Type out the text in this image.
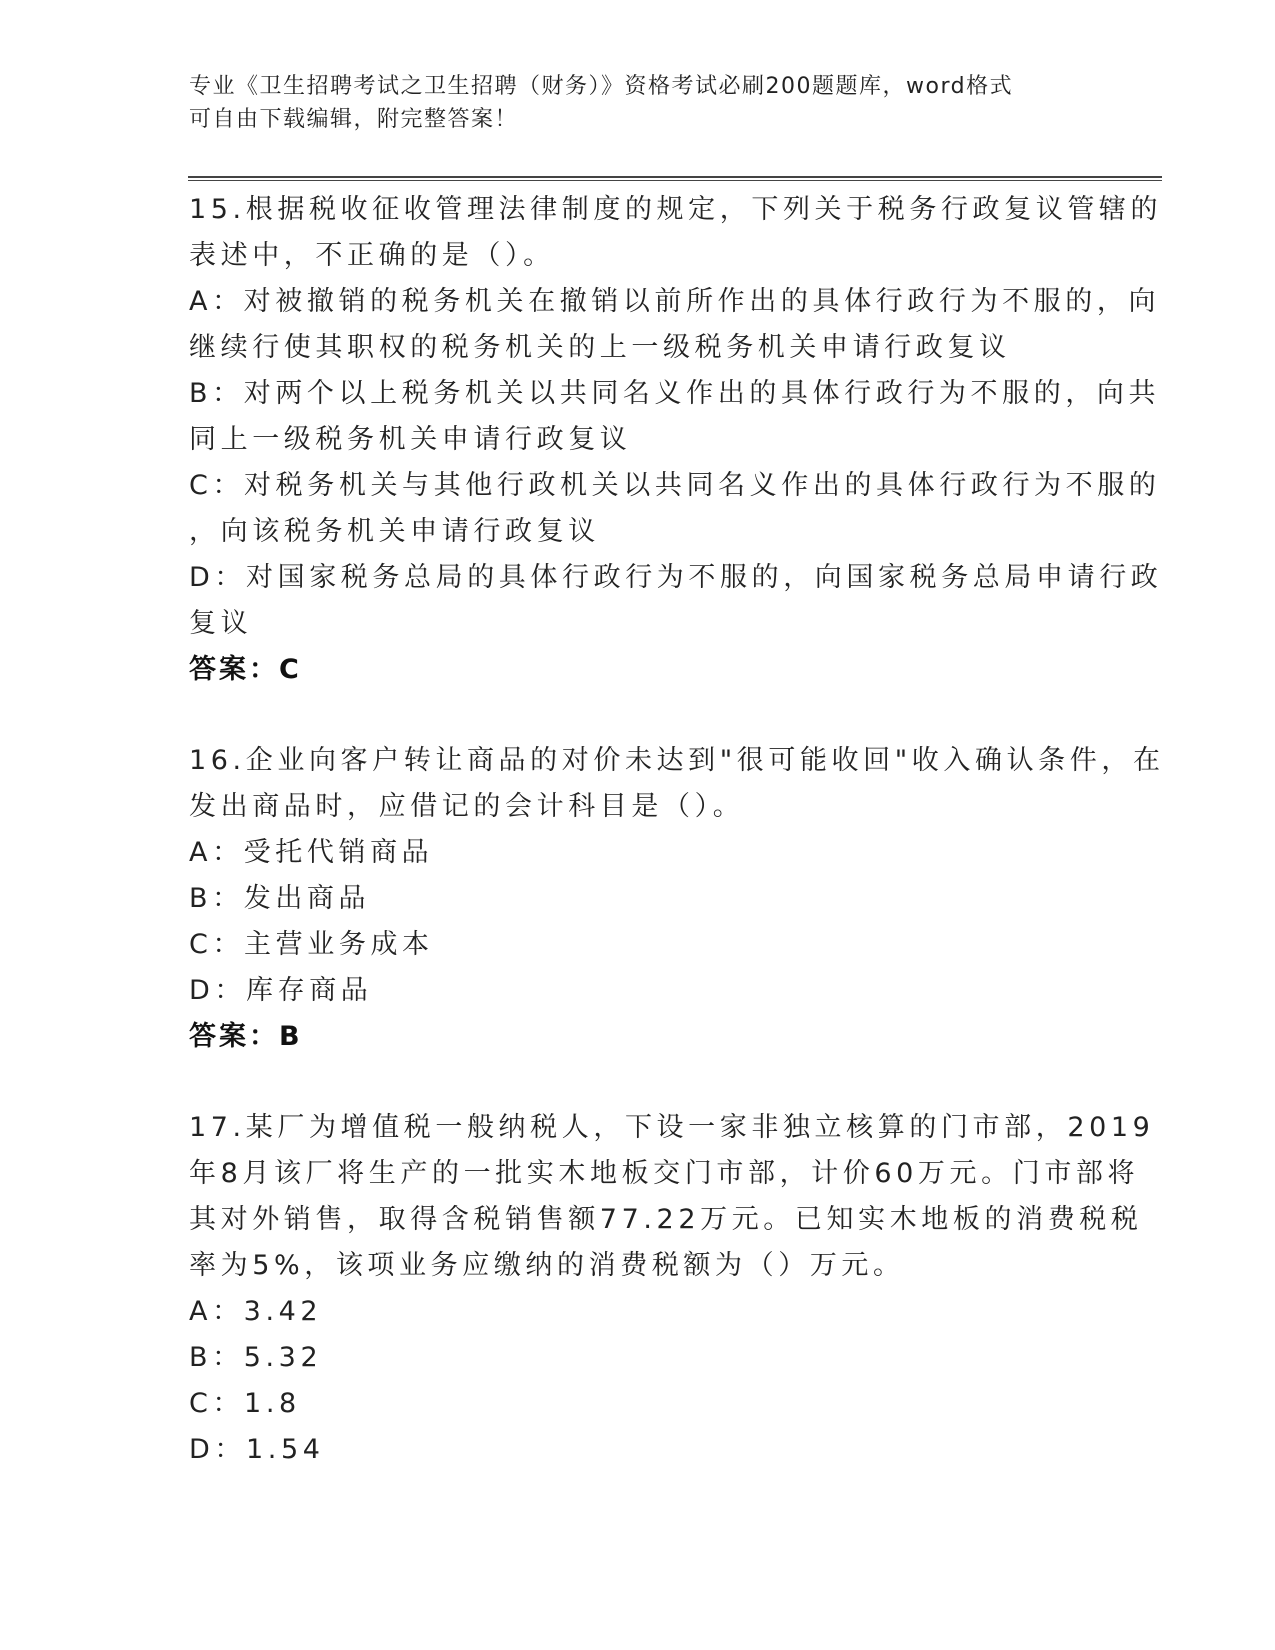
专业《卫生招聘考试之卫生招聘（财务）》资格考试必刷200题题库，word格式
可自由下载编辑，附完整答案！
15.根据税收征收管理法律制度的规定，下列关于税务行政复议管辖的
表述中，不正确的是（）。
A：对被撤销的税务机关在撤销以前所作出的具体行政行为不服的，向
继续行使其职权的税务机关的上一级税务机关申请行政复议
B：对两个以上税务机关以共同名义作出的具体行政行为不服的，向共
同上一级税务机关申请行政复议
C：对税务机关与其他行政机关以共同名义作出的具体行政行为不服的
，向该税务机关申请行政复议
D：对国家税务总局的具体行政行为不服的，向国家税务总局申请行政
复议
答案：C
16.企业向客户转让商品的对价未达到"很可能收回"收入确认条件，在
发出商品时，应借记的会计科目是（）。
A：受托代销商品
B：发出商品
C：主营业务成本
D：库存商品
答案：B
17.某厂为增值税一般纳税人，下设一家非独立核算的门市部，2019
年8月该厂将生产的一批实木地板交门市部，计价60万元。门市部将
其对外销售，取得含税销售额77.22万元。已知实木地板的消费税税
率为5%，该项业务应缴纳的消费税额为（）万元。
A：3.42
B：5.32
C：1.8
D：1.54
